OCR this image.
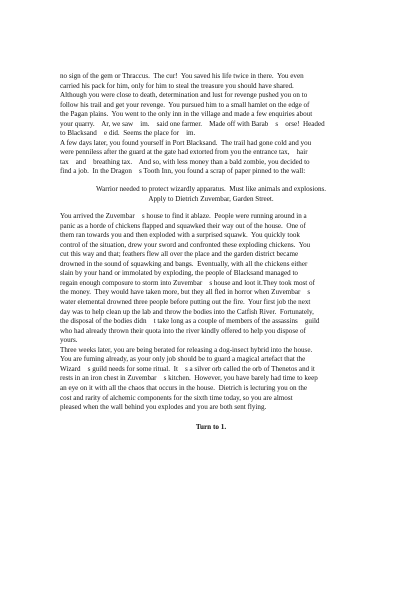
no sign of the gem or Thraccus.  The cur!  You saved his life twice in there.  You even
carried his pack for him, only for him to steal the treasure you should have shared.
Although you were close to death, determination and lust for revenge pushed you on to
follow his trail and get your revenge.  You pursued him to a small hamlet on the edge of
the Pagan plains.  You went to the only inn in the village and made a few enquiries about
your quarry.    Ar, we saw    im.    said one farmer.    Made off with Barab    s    orse!  Headed
to Blacksand    e did.  Seems the place for    im.

A few days later, you found yourself in Port Blacksand.  The trail had gone cold and you
were penniless after the guard at the gate had extorted from you the entrance tax,    hair
tax    and    breathing tax.    And so, with less money than a bald zombie, you decided to
find a job.  In the Dragon    s Tooth Inn, you found a scrap of paper pinned to the wall:

Warrior needed to protect wizardly apparatus.  Must like animals and explosions.
Apply to Dietrich Zuvembar, Garden Street.

You arrived the Zuvembar    s house to find it ablaze.  People were running around in a
panic as a horde of chickens flapped and squawked their way out of the house.  One of
them ran towards you and then exploded with a surprised squawk.  You quickly took
control of the situation, drew your sword and confronted these exploding chickens.  You
cut this way and that; feathers flew all over the place and the garden district became
drowned in the sound of squawking and bangs.  Eventually, with all the chickens either
slain by your hand or immolated by exploding, the people of Blacksand managed to
regain enough composure to storm into Zuvembar    s house and loot it.They took most of
the money.  They would have taken more, but they all fled in horror when Zuvembar    s
water elemental drowned three people before putting out the fire.  Your first job the next
day was to help clean up the lab and throw the bodies into the Catfish River.  Fortunately,
the disposal of the bodies didn    t take long as a couple of members of the assassins    guild
who had already thrown their quota into the river kindly offered to help you dispose of
yours.

Three weeks later, you are being berated for releasing a dog-insect hybrid into the house.
You are fuming already, as your only job should be to guard a magical artefact that the
Wizard    s guild needs for some ritual.  It    s a silver orb called the orb of Thenetos and it
rests in an iron chest in Zuvembar    s kitchen.  However, you have barely had time to keep
an eye on it with all the chaos that occurs in the house.  Dietrich is lecturing you on the
cost and rarity of alchemic components for the sixth time today, so you are almost
pleased when the wall behind you explodes and you are both sent flying.

Turn to 1.
